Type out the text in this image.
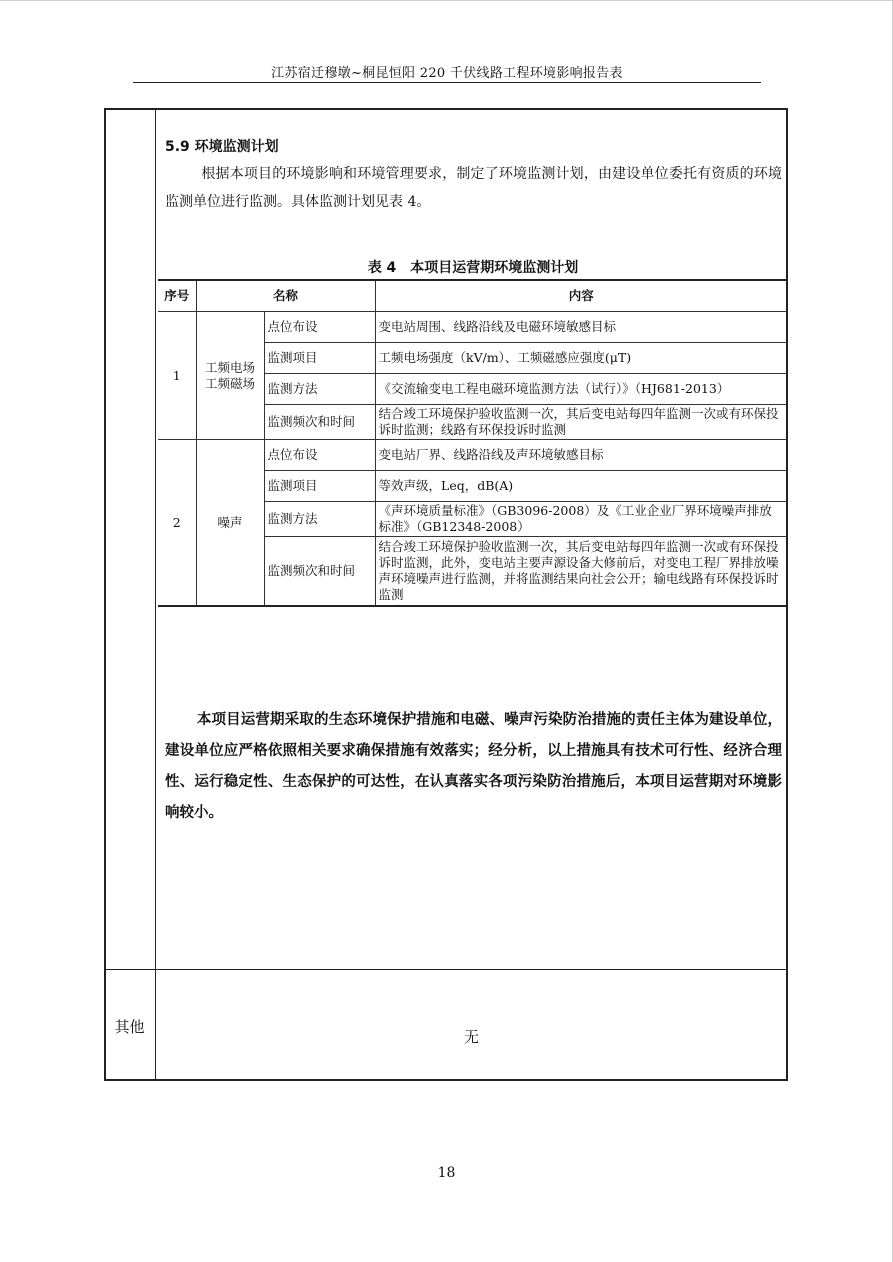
江苏宿迁穆墩~桐昆恒阳 220 千伏线路工程环境影响报告表
5.9 环境监测计划

根据本项目的环境影响和环境管理要求，制定了环境监测计划，由建设单位委托有资质的环境监测单位进行监测。具体监测计划见表 4。

表 4　本项目运营期环境监测计划
序号	名称		内容
1	工频电场工频磁场	点位布设	变电站周围、线路沿线及电磁环境敏感目标
		监测项目	工频电场强度（kV/m）、工频磁感应强度(μT)
		监测方法	《交流输变电工程电磁环境监测方法（试行）》（HJ681-2013）
		监测频次和时间	结合竣工环境保护验收监测一次，其后变电站每四年监测一次或有环保投诉时监测；线路有环保投诉时监测
2	噪声	点位布设	变电站厂界、线路沿线及声环境敏感目标
		监测项目	等效声级，Leq，dB(A)
		监测方法	《声环境质量标准》（GB3096-2008）及《工业企业厂界环境噪声排放标准》（GB12348-2008）
		监测频次和时间	结合竣工环境保护验收监测一次，其后变电站每四年监测一次或有环保投诉时监测，此外，变电站主要声源设备大修前后，对变电工程厂界排放噪声环境噪声进行监测，并将监测结果向社会公开；输电线路有环保投诉时监测

本项目运营期采取的生态环境保护措施和电磁、噪声污染防治措施的责任主体为建设单位，建设单位应严格依照相关要求确保措施有效落实；经分析，以上措施具有技术可行性、经济合理性、运行稳定性、生态保护的可达性，在认真落实各项污染防治措施后，本项目运营期对环境影响较小。

其他
无
18
